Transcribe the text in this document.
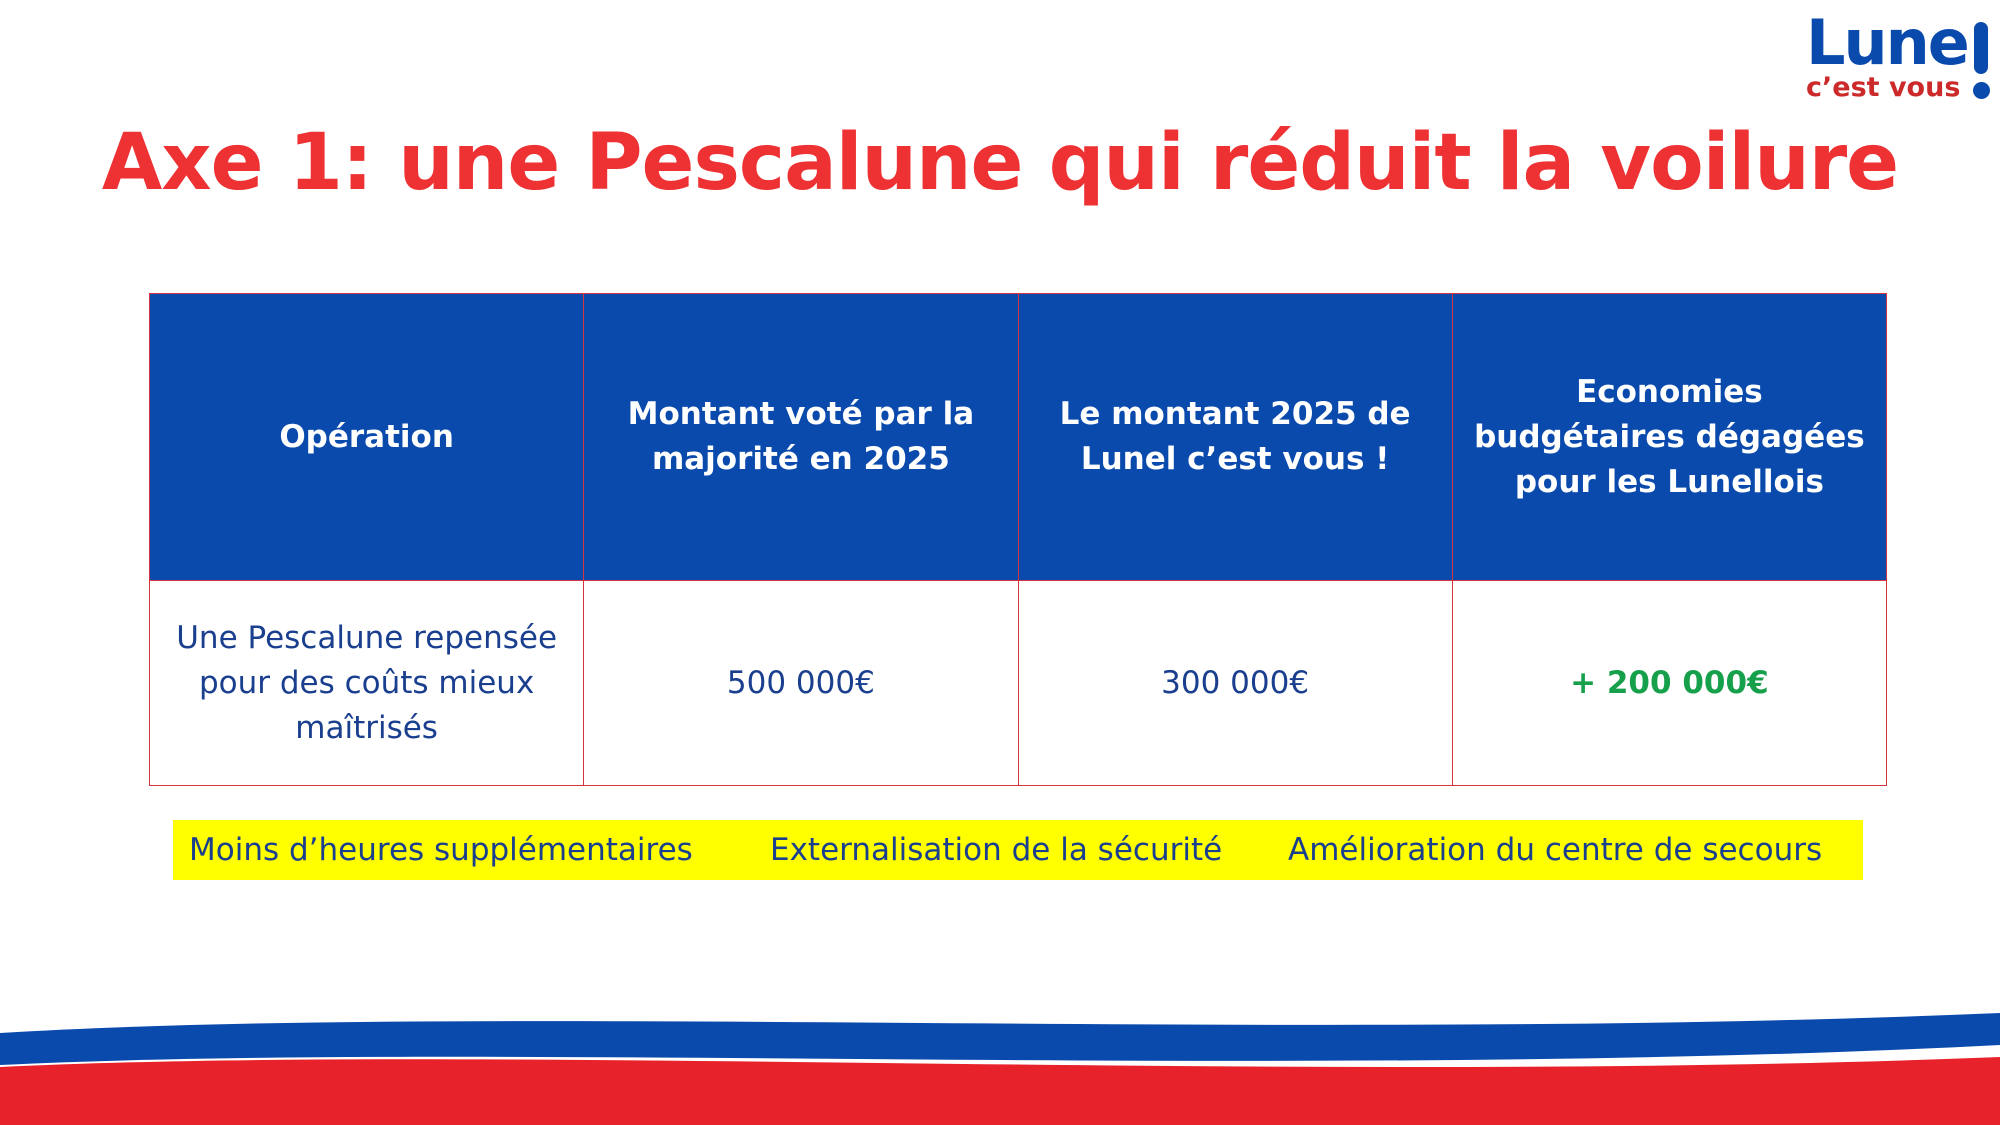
Lune
c’est vous
Axe 1: une Pescalune qui réduit la voilure
Opération	Montant voté par la majorité en 2025	Le montant 2025 de Lunel c’est vous !	Economies budgétaires dégagées pour les Lunellois
Une Pescalune repensée pour des coûts mieux maîtrisés	500 000€	300 000€	+ 200 000€
Moins d’heures supplémentaires Externalisation de la sécurité Amélioration du centre de secours
